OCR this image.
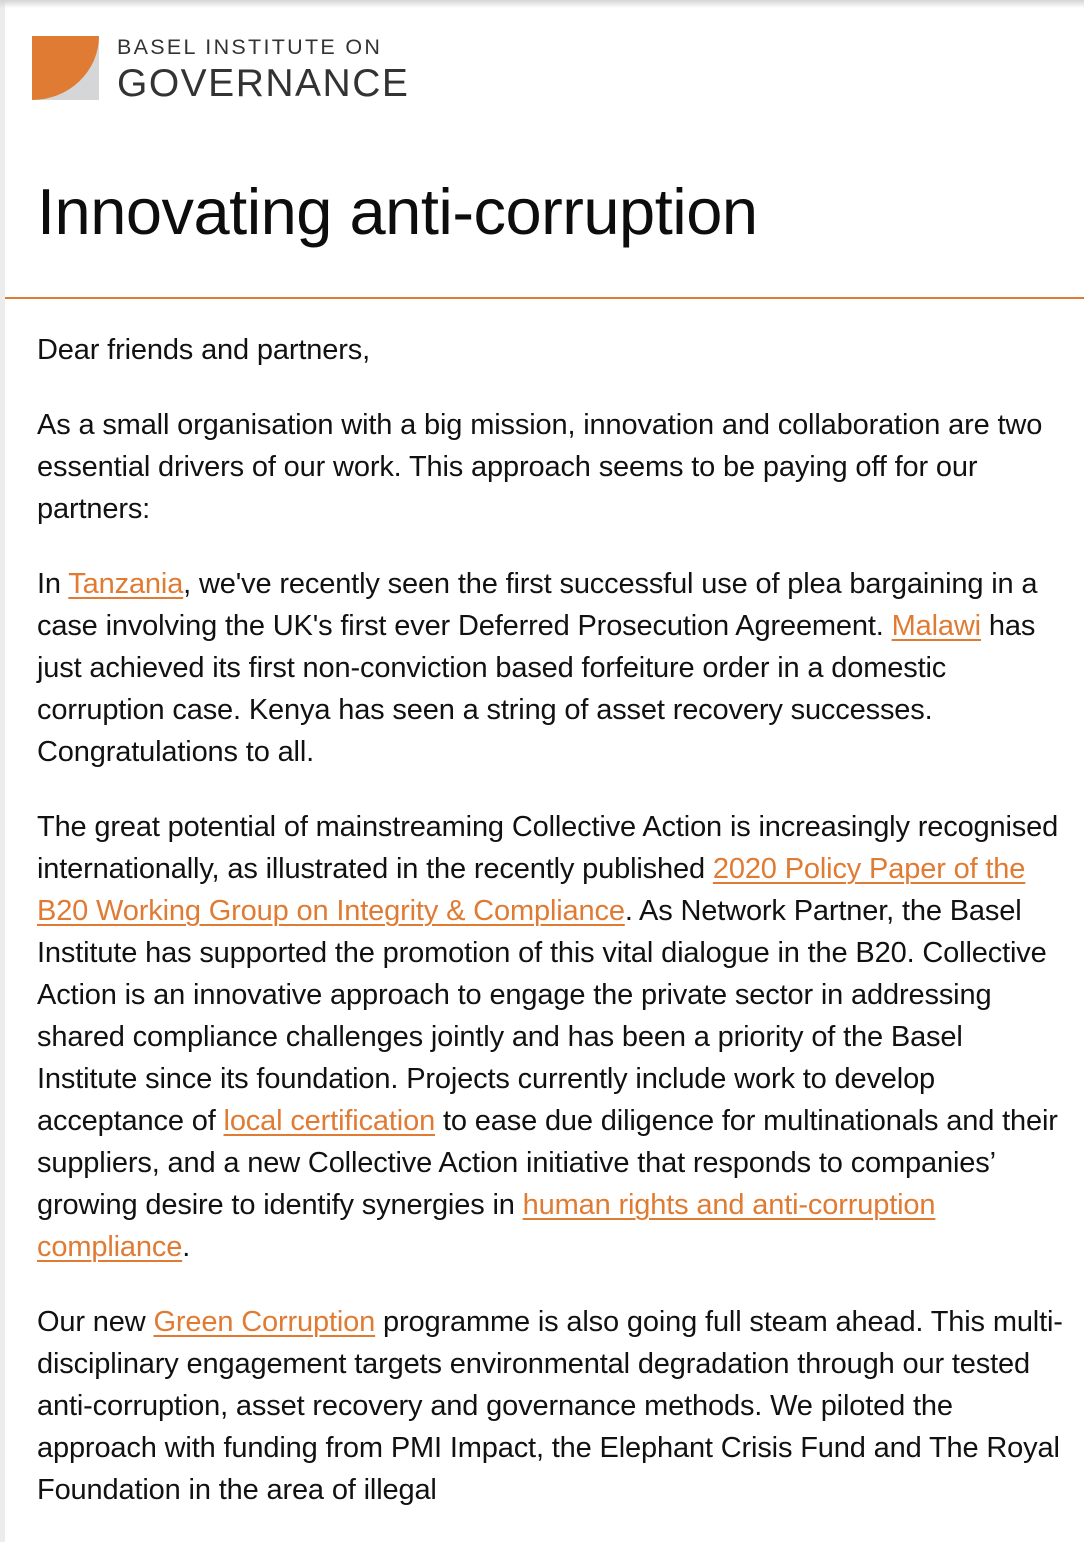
BASEL INSTITUTE ON
GOVERNANCE
Innovating anti-corruption

Dear friends and partners,

As a small organisation with a big mission, innovation and collaboration are two essential drivers of our work. This approach seems to be paying off for our partners:

In Tanzania, we've recently seen the first successful use of plea bargaining in a case involving the UK's first ever Deferred Prosecution Agreement. Malawi has just achieved its first non-conviction based forfeiture order in a domestic corruption case. Kenya has seen a string of asset recovery successes. Congratulations to all.

The great potential of mainstreaming Collective Action is increasingly recognised internationally, as illustrated in the recently published 2020 Policy Paper of the B20 Working Group on Integrity & Compliance. As Network Partner, the Basel Institute has supported the promotion of this vital dialogue in the B20. Collective Action is an innovative approach to engage the private sector in addressing shared compliance challenges jointly and has been a priority of the Basel Institute since its foundation. Projects currently include work to develop acceptance of local certification to ease due diligence for multinationals and their suppliers, and a new Collective Action initiative that responds to companies’ growing desire to identify synergies in human rights and anti-corruption compliance.

Our new Green Corruption programme is also going full steam ahead. This multi-disciplinary engagement targets environmental degradation through our tested anti-corruption, asset recovery and governance methods. We piloted the approach with funding from PMI Impact, the Elephant Crisis Fund and The Royal Foundation in the area of illegal
